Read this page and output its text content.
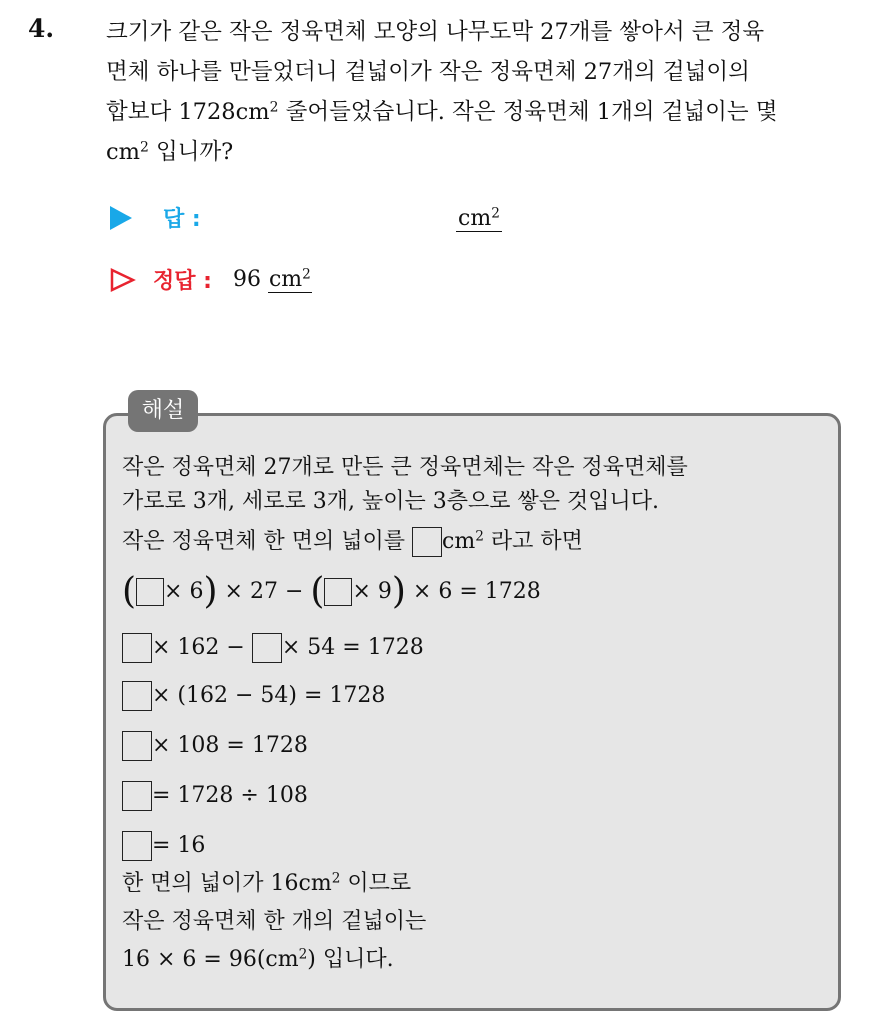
4. 크기가 같은 작은 정육면체 모양의 나무도막 27개를 쌓아서 큰 정육
면체 하나를 만들었더니 겉넓이가 작은 정육면체 27개의 겉넓이의
합보다 $1728cm^2$ 줄어들었습니다. 작은 정육면체 1개의 겉넓이는 몇
$cm^2$ 입니까?
답 :	$cm^2$
정답 : 96 $cm^2$
해설
작은 정육면체 27개로 만든 큰 정육면체는 작은 정육면체를
가로로 3개, 세로로 3개, 높이는 3층으로 쌓은 것입니다.
작은 정육면체 한 면의 넓이를 $cm^2$ 라고 하면
( × 6) × 27 − ( × 9) × 6 = 1728
× 162 − × 54 = 1728
× (162 − 54) = 1728
× 108 = 1728
= 1728 ÷ 108
= 16
한 면의 넓이가 $16cm^2$ 이므로
작은 정육면체 한 개의 겉넓이는
$16 \times 6 = 96(cm^2)$ 입니다.
